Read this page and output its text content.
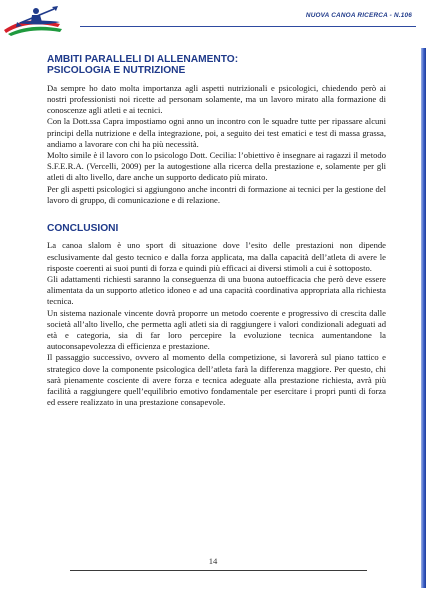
NUOVA CANOA RICERCA - N.106
AMBITI PARALLELI DI ALLENAMENTO:
PSICOLOGIA E NUTRIZIONE

Da sempre ho dato molta importanza agli aspetti nutrizionali e psicologici, chiedendo però ai nostri professionisti noi ricette ad personam solamente, ma un lavoro mirato alla formazione di conoscenze agli atleti e ai tecnici.

Con la Dott.ssa Capra impostiamo ogni anno un incontro con le squadre tutte per ripassare alcuni principi della nutrizione e della integrazione, poi, a seguito dei test ematici e test di massa grassa, andiamo a lavorare con chi ha più necessità.

Molto simile è il lavoro con lo psicologo Dott. Cecilia: l’obiettivo è insegnare ai ragazzi il metodo S.F.E.R.A. (Vercelli, 2009) per la autogestione alla ricerca della prestazione e, solamente per gli atleti di alto livello, dare anche un supporto dedicato più mirato.

Per gli aspetti psicologici si aggiungono anche incontri di formazione ai tecnici per la gestione del lavoro di gruppo, di comunicazione e di relazione.

CONCLUSIONI

La canoa slalom è uno sport di situazione dove l’esito delle prestazioni non dipende esclusivamente dal gesto tecnico e dalla forza applicata, ma dalla capacità dell’atleta di avere le risposte coerenti ai suoi punti di forza e quindi più efficaci ai diversi stimoli a cui è sottoposto.

Gli adattamenti richiesti saranno la conseguenza di una buona autoefficacia che però deve essere alimentata da un supporto atletico idoneo e ad una capacità coordinativa appropriata alla richiesta tecnica.

Un sistema nazionale vincente dovrà proporre un metodo coerente e progressivo di crescita dalle società all’alto livello, che permetta agli atleti sia di raggiungere i valori condizionali adeguati ad età e categoria, sia di far loro percepire la evoluzione tecnica aumentandone la autoconsapevolezza di efficienza e prestazione.

Il passaggio successivo, ovvero al momento della competizione, si lavorerà sul piano tattico e strategico dove la componente psicologica dell’atleta farà la differenza maggiore. Per questo, chi sarà pienamente cosciente di avere forza e tecnica adeguate alla prestazione richiesta, avrà più facilità a raggiungere quell’equilibrio emotivo fondamentale per esercitare i propri punti di forza ed essere realizzato in una prestazione consapevole.

14
